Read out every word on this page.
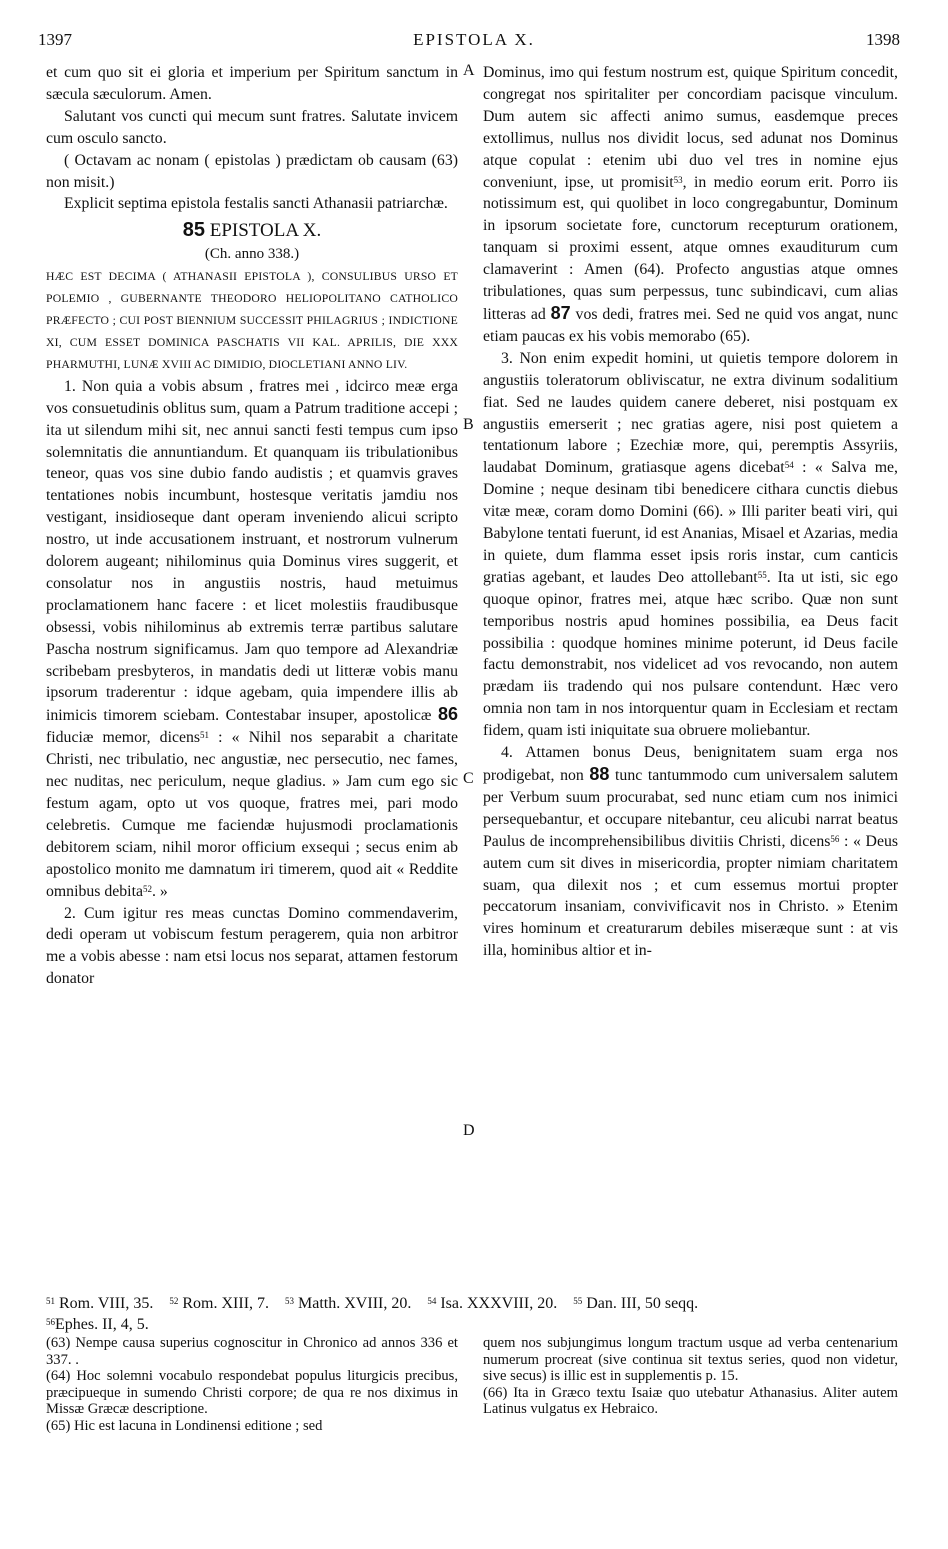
1397	EPISTOLA X.	1398

et cum quo sit ei gloria et imperium per Spiritum sanctum in sæcula sæculorum. Amen.

Salutant vos cuncti qui mecum sunt fratres. Salutate invicem cum osculo sancto.

( Octavam ac nonam ( epistolas ) prædictam ob causam (63) non misit.)

Explicit septima epistola festalis sancti Athanasii patriarchæ.

85 EPISTOLA X.
(Ch. anno 338.)

HÆC EST DECIMA ( ATHANASII EPISTOLA ), CONSULIBUS URSO ET POLEMIO , GUBERNANTE THEODORO HELIOPOLITANO CATHOLICO PRÆFECTO ; CUI POST BIENNIUM SUCCESSIT PHILAGRIUS ; INDICTIONE XI, CUM ESSET DOMINICA PASCHATIS VII KAL. APRILIS, DIE XXX PHARMUTHI, LUNÆ XVIII AC DIMIDIO, DIOCLETIANI ANNO LIV.

1. Non quia a vobis absum , fratres mei , idcirco meæ erga vos consuetudinis oblitus sum, quam a Patrum traditione accepi ; ita ut silendum mihi sit, nec annui sancti festi tempus cum ipso solemnitatis die annuntiandum. Et quanquam iis tribulationibus teneor, quas vos sine dubio fando audistis ; et quamvis graves tentationes nobis incumbunt, hostesque veritatis jamdiu nos vestigant, insidioseque dant operam inveniendo alicui scripto nostro, ut inde accusationem instruant, et nostrorum vulnerum dolorem augeant; nihilominus quia Dominus vires suggerit, et consolatur nos in angustiis nostris, haud metuimus proclamationem hanc facere : et licet molestiis fraudibusque obsessi, vobis nihilominus ab extremis terræ partibus salutare Pascha nostrum significamus. Jam quo tempore ad Alexandriæ scribebam presbyteros, in mandatis dedi ut litteræ vobis manu ipsorum traderentur : idque agebam, quia impendere illis ab inimicis timorem sciebam. Contestabar insuper, apostolicæ 86 fiduciæ memor, dicens$^{51}$ : « Nihil nos separabit a charitate Christi, nec tribulatio, nec angustiæ, nec persecutio, nec fames, nec nuditas, nec periculum, neque gladius. » Jam cum ego sic festum agam, opto ut vos quoque, fratres mei, pari modo celebretis. Cumque me faciendæ hujusmodi proclamationis debitorem sciam, nihil moror officium exsequi ; secus enim ab apostolico monito me damnatum iri timerem, quod ait « Reddite omnibus debita$^{52}$. »

2. Cum igitur res meas cunctas Domino commendaverim, dedi operam ut vobiscum festum peragerem, quia non arbitror me a vobis abesse : nam etsi locus nos separat, attamen festorum donator

A
B
C
D

Dominus, imo qui festum nostrum est, quique Spiritum concedit, congregat nos spiritaliter per concordiam pacisque vinculum. Dum autem sic affecti animo sumus, easdemque preces extollimus, nullus nos dividit locus, sed adunat nos Dominus atque copulat : etenim ubi duo vel tres in nomine ejus conveniunt, ipse, ut promisit$^{53}$, in medio eorum erit. Porro iis notissimum est, qui quolibet in loco congregabuntur, Dominum in ipsorum societate fore, cunctorum recepturum orationem, tanquam si proximi essent, atque omnes exauditurum cum clamaverint : Amen (64). Profecto angustias atque omnes tribulationes, quas sum perpessus, tunc subindicavi, cum alias litteras ad 87 vos dedi, fratres mei. Sed ne quid vos angat, nunc etiam paucas ex his vobis memorabo (65).

3. Non enim expedit homini, ut quietis tempore dolorem in angustiis toleratorum obliviscatur, ne extra divinum sodalitium fiat. Sed ne laudes quidem canere deberet, nisi postquam ex angustiis emerserit ; nec gratias agere, nisi post quietem a tentationum labore ; Ezechiæ more, qui, peremptis Assyriis, laudabat Dominum, gratiasque agens dicebat$^{54}$ : « Salva me, Domine ; neque desinam tibi benedicere cithara cunctis diebus vitæ meæ, coram domo Domini (66). » Illi pariter beati viri, qui Babylone tentati fuerunt, id est Ananias, Misael et Azarias, media in quiete, dum flamma esset ipsis roris instar, cum canticis gratias agebant, et laudes Deo attollebant$^{55}$. Ita ut isti, sic ego quoque opinor, fratres mei, atque hæc scribo. Quæ non sunt temporibus nostris apud homines possibilia, ea Deus facit possibilia : quodque homines minime poterunt, id Deus facile factu demonstrabit, nos videlicet ad vos revocando, non autem prædam iis tradendo qui nos pulsare contendunt. Hæc vero omnia non tam in nos intorquentur quam in Ecclesiam et rectam fidem, quam isti iniquitate sua obruere moliebantur.

4. Attamen bonus Deus, benignitatem suam erga nos prodigebat, non 88 tunc tantummodo cum universalem salutem per Verbum suum procurabat, sed nunc etiam cum nos inimici persequebantur, et occupare nitebantur, ceu alicubi narrat beatus Paulus de incomprehensibilibus divitiis Christi, dicens$^{56}$ : « Deus autem cum sit dives in misericordia, propter nimiam charitatem suam, qua dilexit nos ; et cum essemus mortui propter peccatorum insaniam, convivificavit nos in Christo. » Etenim vires hominum et creaturarum debiles miseræque sunt : at vis illa, hominibus altior et in-

$^{51}$ Rom. VIII, 35. $^{52}$ Rom. XIII, 7. $^{53}$ Matth. XVIII, 20. $^{54}$ Isa. XXXVIII, 20. $^{55}$ Dan. III, 50 seqq.
$^{56}$Ephes. II, 4, 5.

(63) Nempe causa superius cognoscitur in Chronico ad annos 336 et 337. .

(64) Hoc solemni vocabulo respondebat populus liturgicis precibus, præcipueque in sumendo Christi corpore; de qua re nos diximus in Missæ Græcæ descriptione.

(65) Hic est lacuna in Londinensi editione ; sed

quem nos subjungimus longum tractum usque ad verba centenarium numerum procreat (sive continua sit textus series, quod non videtur, sive secus) is illic est in supplementis p. 15.

(66) Ita in Græco textu Isaiæ quo utebatur Athanasius. Aliter autem Latinus vulgatus ex Hebraico.
